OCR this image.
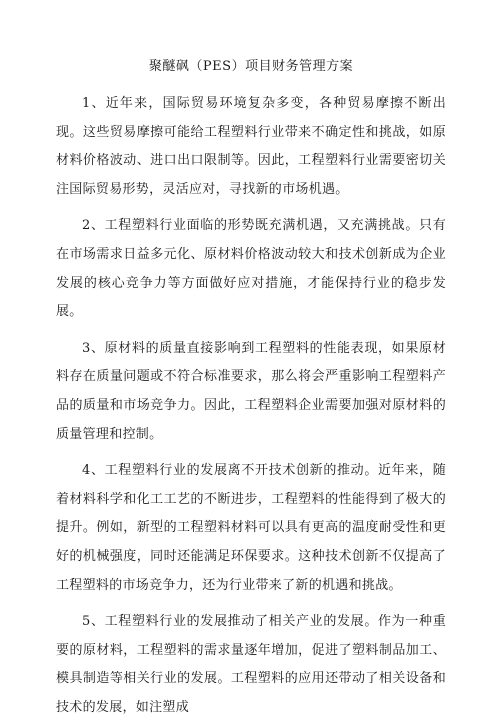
聚醚砜（PES）项目财务管理方案

1、近年来，国际贸易环境复杂多变，各种贸易摩擦不断出现。这些贸易摩擦可能给工程塑料行业带来不确定性和挑战，如原材料价格波动、进口出口限制等。因此，工程塑料行业需要密切关注国际贸易形势，灵活应对，寻找新的市场机遇。

2、工程塑料行业面临的形势既充满机遇，又充满挑战。只有在市场需求日益多元化、原材料价格波动较大和技术创新成为企业发展的核心竞争力等方面做好应对措施，才能保持行业的稳步发展。

3、原材料的质量直接影响到工程塑料的性能表现，如果原材料存在质量问题或不符合标准要求，那么将会严重影响工程塑料产品的质量和市场竞争力。因此，工程塑料企业需要加强对原材料的质量管理和控制。

4、工程塑料行业的发展离不开技术创新的推动。近年来，随着材料科学和化工工艺的不断进步，工程塑料的性能得到了极大的提升。例如，新型的工程塑料材料可以具有更高的温度耐受性和更好的机械强度，同时还能满足环保要求。这种技术创新不仅提高了工程塑料的市场竞争力，还为行业带来了新的机遇和挑战。

5、工程塑料行业的发展推动了相关产业的发展。作为一种重要的原材料，工程塑料的需求量逐年增加，促进了塑料制品加工、模具制造等相关行业的发展。工程塑料的应用还带动了相关设备和技术的发展，如注塑成
